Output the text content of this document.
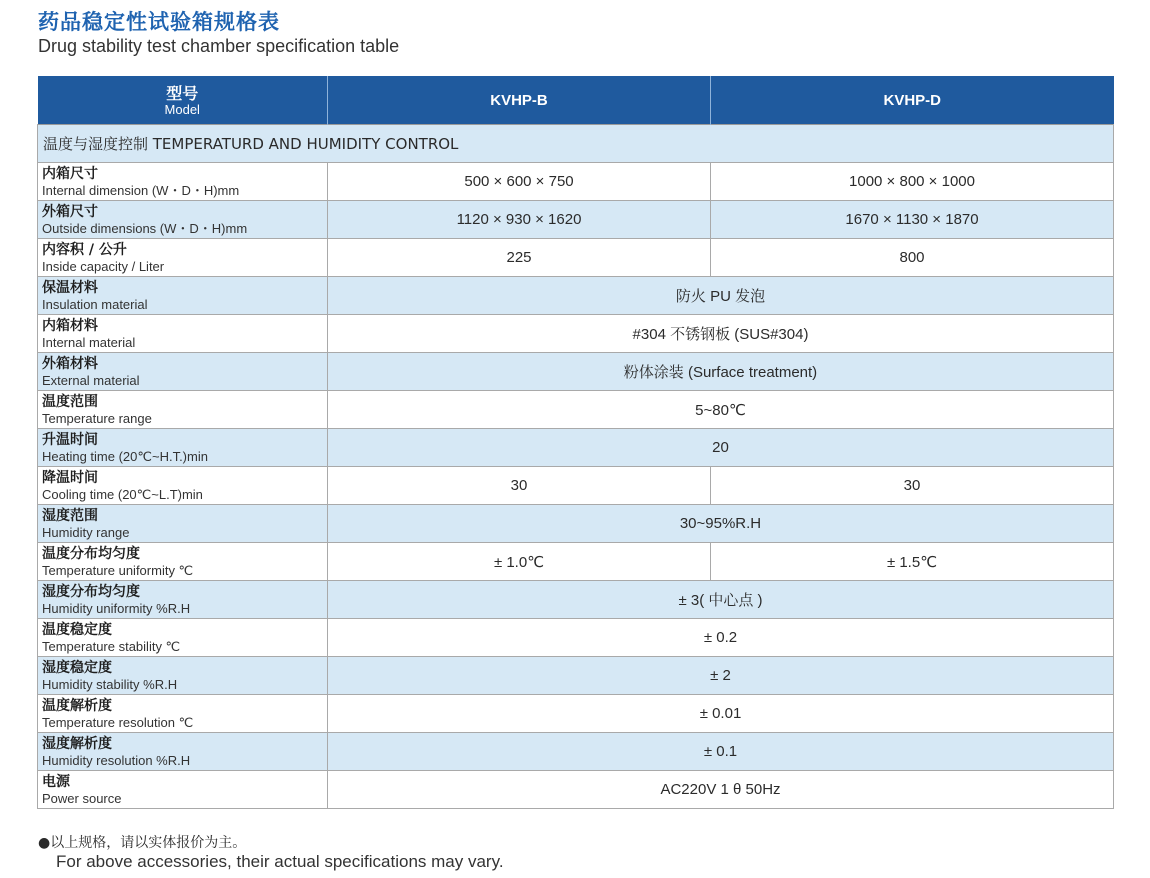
药品稳定性试验箱规格表
Drug stability test chamber specification table
型号
Model	KVHP-B	KVHP-D
温度与湿度控制 TEMPERATURD AND HUMIDITY CONTROL		

内箱尺寸
Internal dimension (W・D・H)mm	500 × 600 × 750	1000 × 800 × 1000

外箱尺寸
Outside dimensions (W・D・H)mm	1120 × 930 × 1620	1670 × 1130 × 1870

内容积 / 公升
Inside capacity / Liter	225	800

保温材料
Insulation material	防火 PU 发泡	

内箱材料
Internal material	#304 不锈钢板 (SUS#304)	

外箱材料
External material	粉体涂装 (Surface treatment)	

温度范围
Temperature range	5~80℃	

升温时间
Heating time (20℃~H.T.)min	20	

降温时间
Cooling time (20℃~L.T)min	30	30

湿度范围
Humidity range	30~95%R.H	

温度分布均匀度
Temperature uniformity ℃	± 1.0℃	± 1.5℃

湿度分布均匀度
Humidity uniformity %R.H	± 3( 中心点 )	

温度稳定度
Temperature stability ℃	± 0.2	

湿度稳定度
Humidity stability %R.H	± 2	

温度解析度
Temperature resolution ℃	± 0.01	

湿度解析度
Humidity resolution %R.H	± 0.1	

电源
Power source	AC220V 1 θ 50Hz	
●以上规格，请以实体报价为主。
For above accessories, their actual specifications may vary.
